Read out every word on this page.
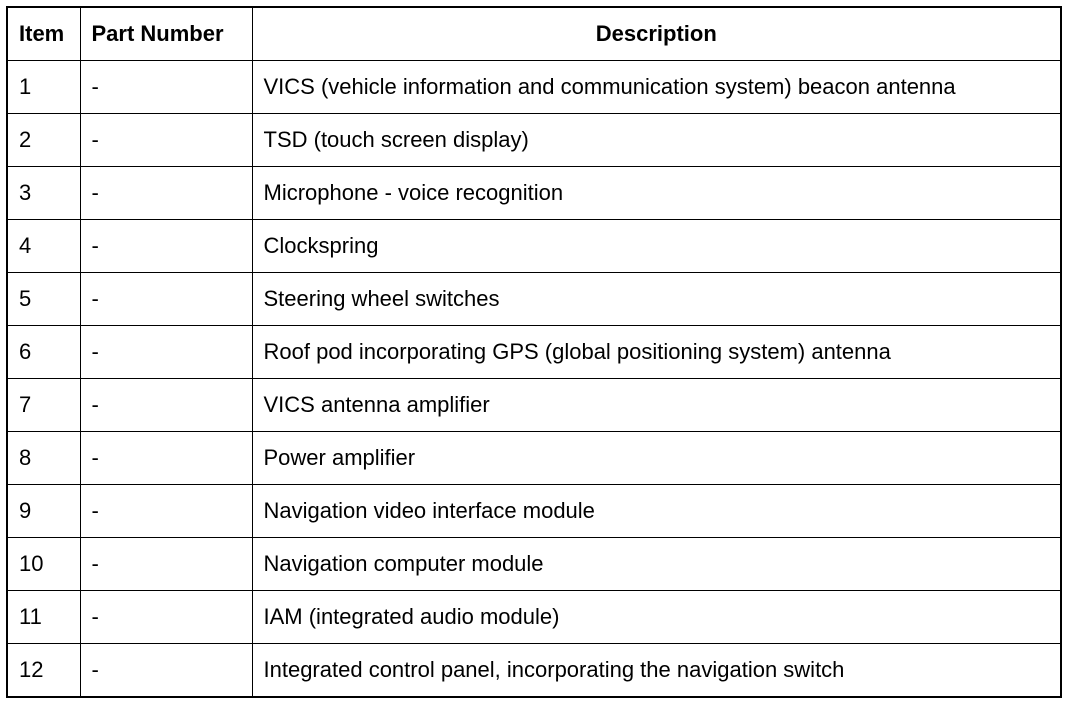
Item	Part Number	Description
1	-	VICS (vehicle information and communication system) beacon antenna
2	-	TSD (touch screen display)
3	-	Microphone - voice recognition
4	-	Clockspring
5	-	Steering wheel switches
6	-	Roof pod incorporating GPS (global positioning system) antenna
7	-	VICS antenna amplifier
8	-	Power amplifier
9	-	Navigation video interface module
10	-	Navigation computer module
11	-	IAM (integrated audio module)
12	-	Integrated control panel, incorporating the navigation switch
